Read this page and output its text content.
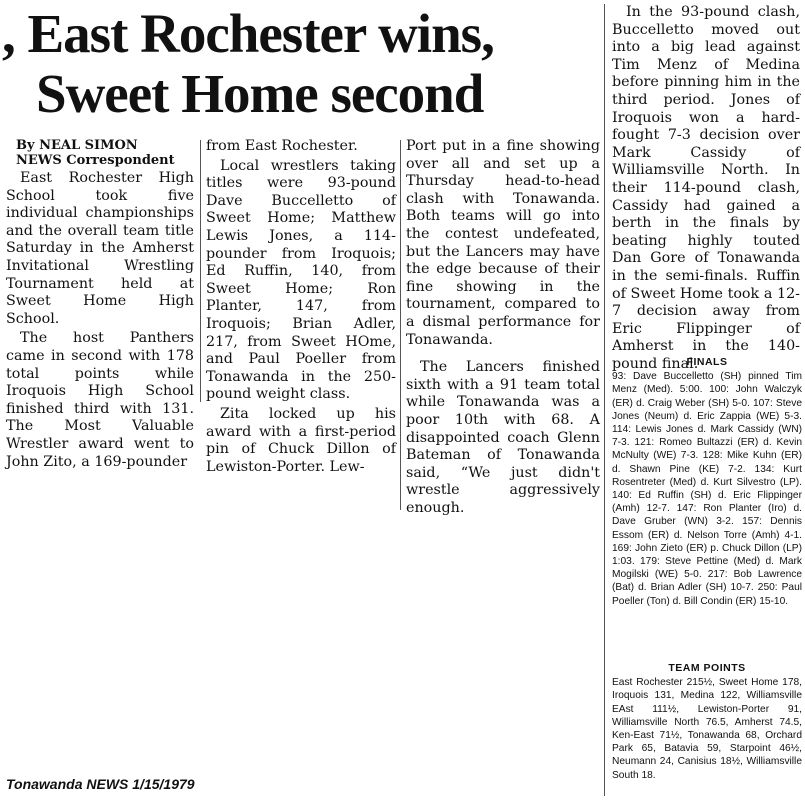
, East Rochester wins,
Sweet Home second

By NEAL SIMON

NEWS Correspondent

East Rochester High School took five individual championships and the overall team title Saturday in the Amherst Invitational Wrestling Tournament held at Sweet Home High School.

The host Panthers came in second with 178 total points while Iroquois High School finished third with 131. The Most Valuable Wrestler award went to John Zito, a 169-pounder

from East Rochester.

Local wrestlers taking titles were 93-pound Dave Buccelletto of Sweet Home; Matthew Lewis Jones, a 114-pounder from Iroquois; Ed Ruffin, 140, from Sweet Home; Ron Planter, 147, from Iroquois; Brian Adler, 217, from Sweet HOme, and Paul Poeller from Tonawanda in the 250-pound weight class.

Zita locked up his award with a first-period pin of Chuck Dillon of Lewiston-Porter. Lew-

Port put in a fine showing over all and set up a Thursday head-to-head clash with Tonawanda. Both teams will go into the contest undefeated, but the Lancers may have the edge because of their fine showing in the tournament, compared to a dismal performance for Tonawanda.

The Lancers finished sixth with a 91 team total while Tonawanda was a poor 10th with 68. A disappointed coach Glenn Bateman of Tonawanda said, “We just didn't wrestle aggressively enough.

In the 93-pound clash, Buccelletto moved out into a big lead against Tim Menz of Medina before pinning him in the third period. Jones of Iroquois won a hard-fought 7-3 decision over Mark Cassidy of Williamsville North. In their 114-pound clash, Cassidy had gained a berth in the finals by beating highly touted Dan Gore of Tonawanda in the semi-finals. Ruffin of Sweet Home took a 12-7 decision away from Eric Flippinger of Amherst in the 140-pound final.

FINALS
93: Dave Buccelletto (SH) pinned Tim Menz (Med). 5:00. 100: John Walczyk (ER) d. Craig Weber (SH) 5-0. 107: Steve Jones (Neum) d. Eric Zappia (WE) 5-3. 114: Lewis Jones d. Mark Cassidy (WN) 7-3. 121: Romeo Bultazzi (ER) d. Kevin McNulty (WE) 7-3. 128: Mike Kuhn (ER) d. Shawn Pine (KE) 7-2. 134: Kurt Rosentreter (Med) d. Kurt Silvestro (LP). 140: Ed Ruffin (SH) d. Eric Flippinger (Amh) 12-7. 147: Ron Planter (Iro) d. Dave Gruber (WN) 3-2. 157: Dennis Essom (ER) d. Nelson Torre (Amh) 4-1. 169: John Zieto (ER) p. Chuck Dillon (LP) 1:03. 179: Steve Pettine (Med) d. Mark Mogilski (WE) 5-0. 217: Bob Lawrence (Bat) d. Brian Adler (SH) 10-7. 250: Paul Poeller (Ton) d. Bill Condin (ER) 15-10.
TEAM POINTS
East Rochester 215½, Sweet Home 178, Iroquois 131, Medina 122, Williamsville EAst 111½, Lewiston-Porter 91, Williamsville North 76.5, Amherst 74.5, Ken-East 71½, Tonawanda 68, Orchard Park 65, Batavia 59, Starpoint 46½, Neumann 24, Canisius 18½, Williamsville South 18.
Tonawanda NEWS 1/15/1979
